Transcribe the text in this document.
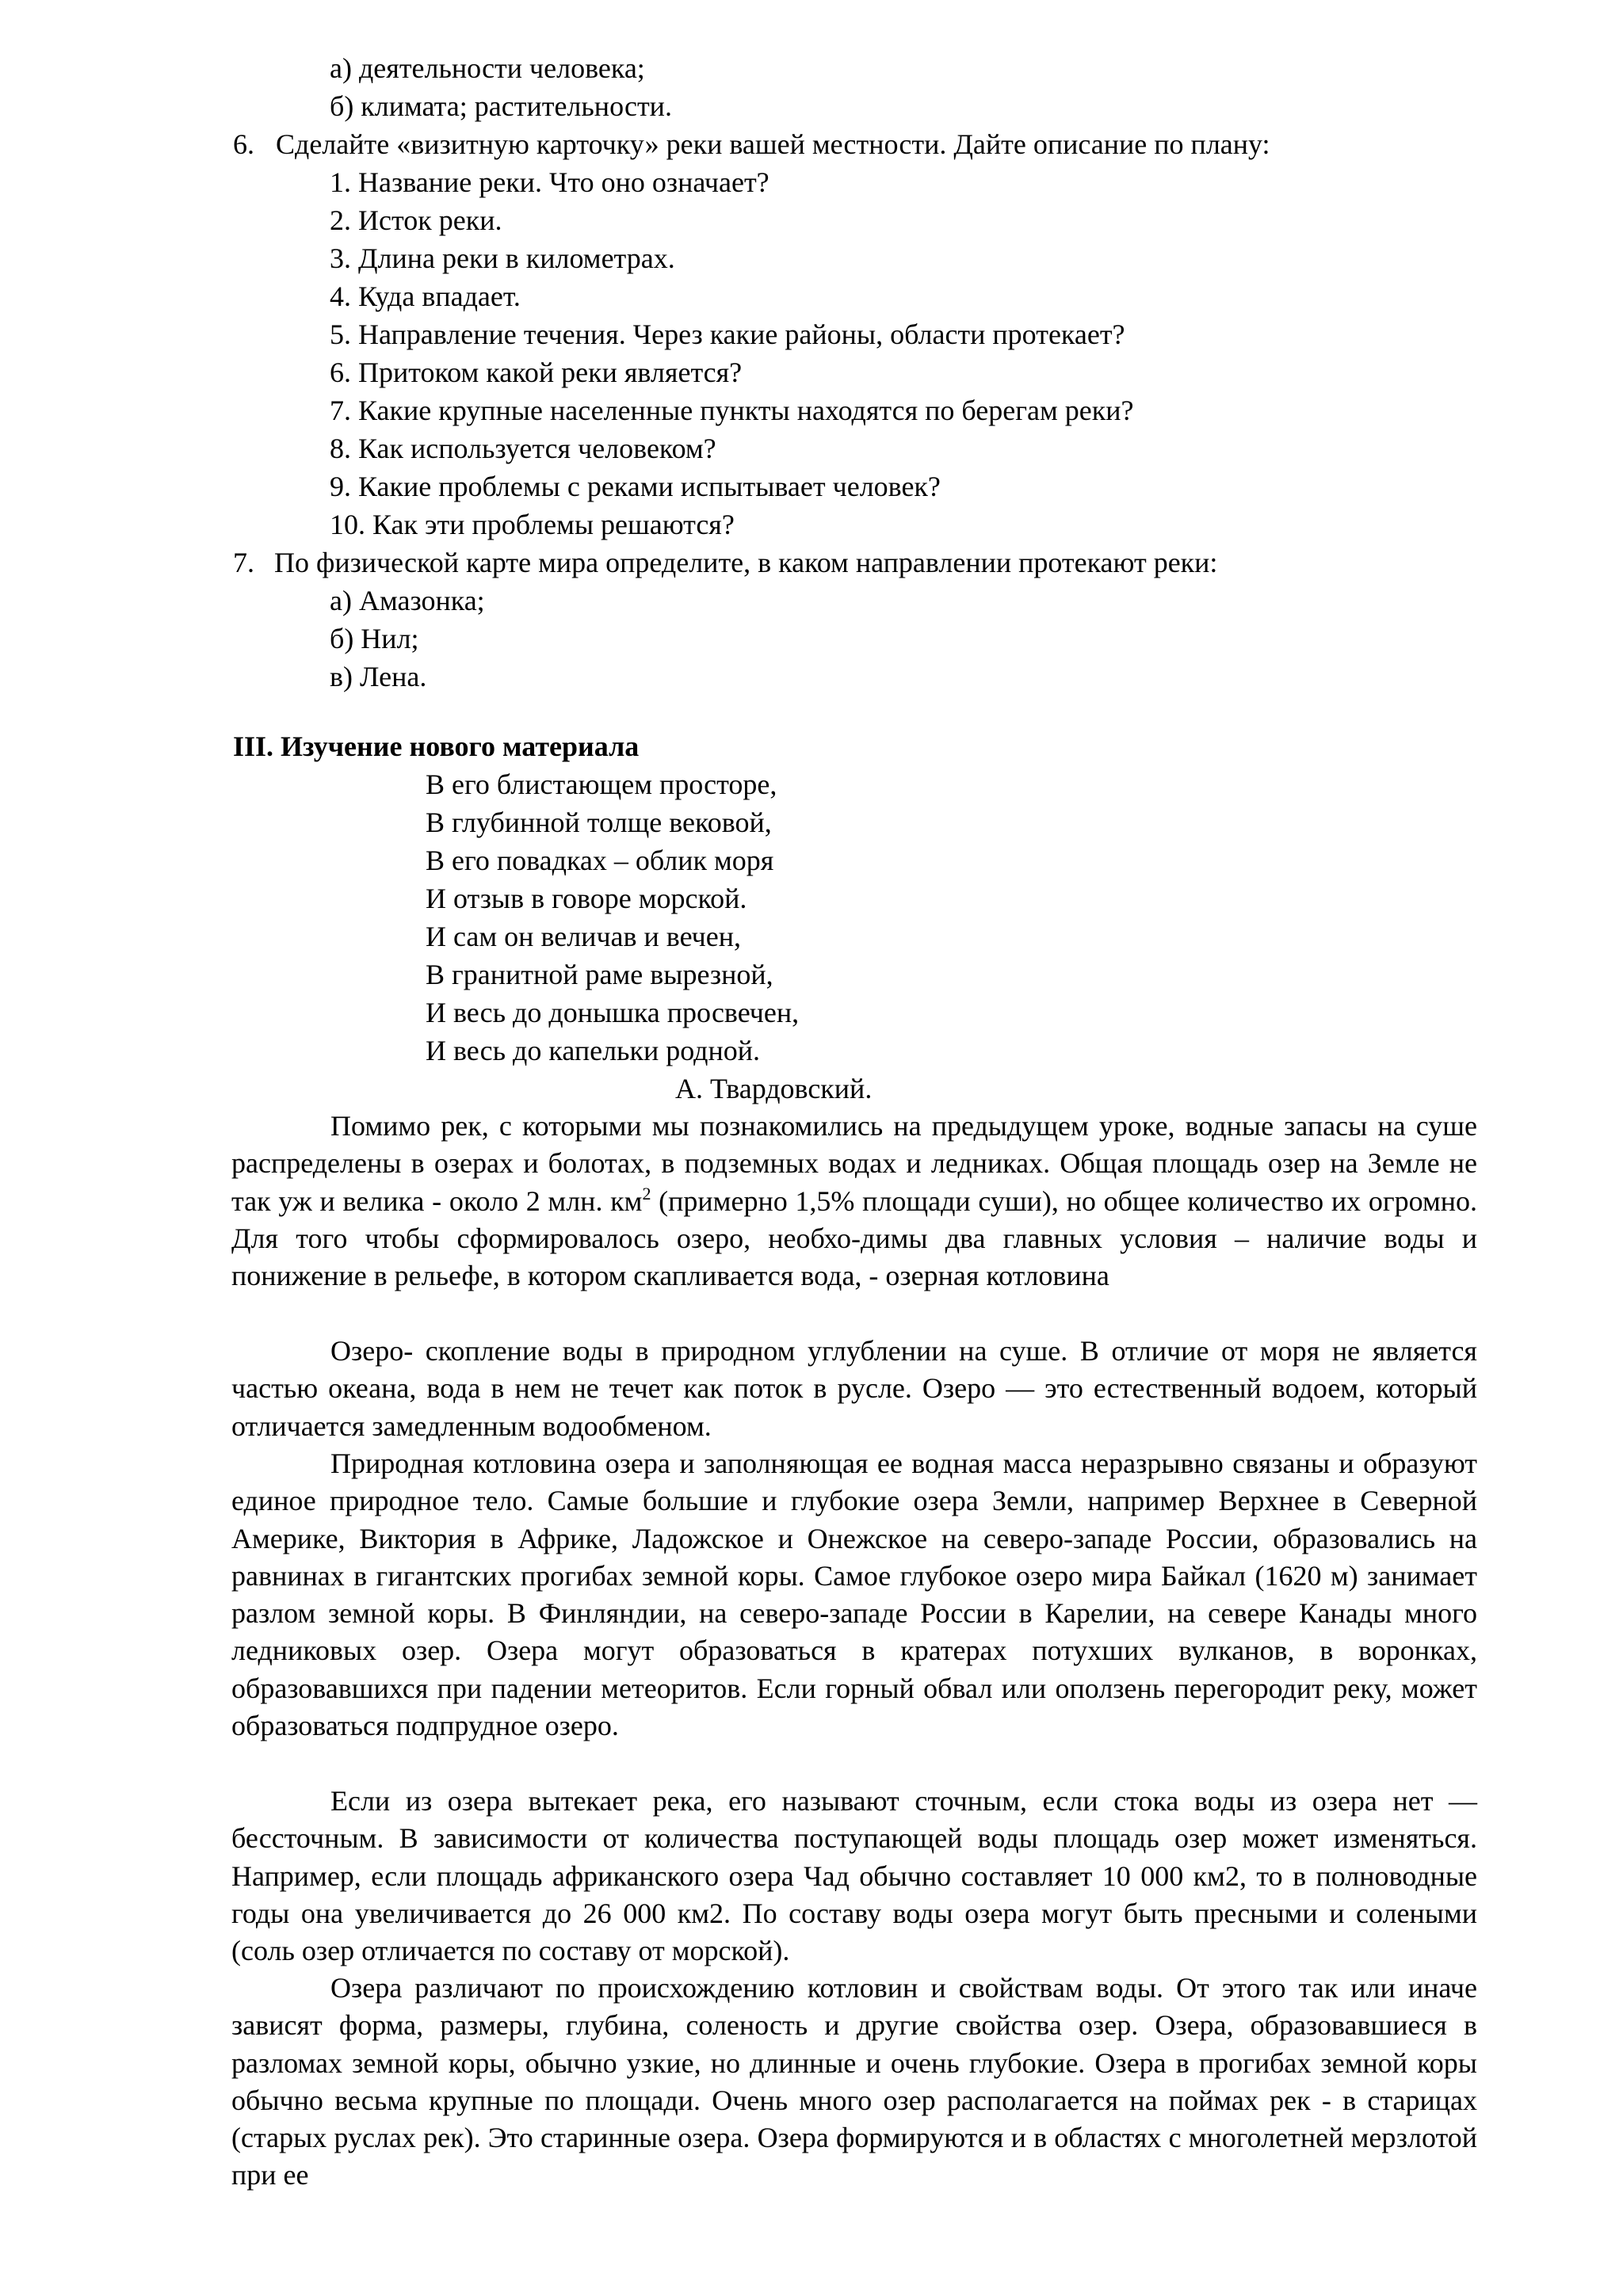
а) деятельности человека;
б) климата; растительности.
6. Сделайте «визитную карточку» реки вашей местности. Дайте описание по плану:
1. Название реки. Что оно означает?
2. Исток реки.
3. Длина реки в километрах.
4. Куда впадает.
5. Направление течения. Через какие районы, области протекает?
6. Притоком какой реки является?
7. Какие крупные населенные пункты находятся по берегам реки?
8. Как используется человеком?
9. Какие проблемы с реками испытывает человек?
10. Как эти проблемы решаются?
7. По физической карте мира определите, в каком направлении протекают реки:
а) Амазонка;
б) Нил;
в) Лена.
III. Изучение нового материала
В его блистающем просторе,
В глубинной толще вековой,
В его повадках – облик моря
И отзыв в говоре морской.
И сам он величав и вечен,
В гранитной раме вырезной,
И весь до донышка просвечен,
И весь до капельки родной.
А. Твардовский.

Помимо рек, с которыми мы познакомились на предыдущем уроке, водные запасы на суше распределены в озерах и болотах, в подземных водах и ледниках. Общая площадь озер на Земле не так уж и велика - около 2 млн. $км^2$ (примерно 1,5% площади суши), но общее количество их огромно. Для того чтобы сформировалось озеро, необхо-димы два главных условия – наличие воды и понижение в рельефе, в котором скапливается вода, - озерная котловина

Озеро- скопление воды в природном углублении на суше. В отличие от моря не является частью океана, вода в нем не течет как поток в русле. Озеро — это естественный водоем, который отличается замедленным водообменом.

Природная котловина озера и заполняющая ее водная масса неразрывно связаны и образуют единое природное тело. Самые большие и глубокие озера Земли, например Верхнее в Северной Америке, Виктория в Африке, Ладожское и Онежское на северо-западе России, образовались на равнинах в гигантских прогибах земной коры. Самое глубокое озеро мира Байкал (1620 м) занимает разлом земной коры. В Финляндии, на северо-западе России в Карелии, на севере Канады много ледниковых озер. Озера могут образоваться в кратерах потухших вулканов, в воронках, образовавшихся при падении метеоритов. Если горный обвал или оползень перегородит реку, может образоваться подпрудное озеро.

Если из озера вытекает река, его называют сточным, если стока воды из озера нет — бессточным. В зависимости от количества поступающей воды площадь озер может изменяться. Например, если площадь африканского озера Чад обычно составляет 10 000 км2, то в полноводные годы она увеличивается до 26 000 км2. По составу воды озера могут быть пресными и солеными (соль озер отличается по составу от морской).

Озера различают по происхождению котловин и свойствам воды. От этого так или иначе зависят форма, размеры, глубина, соленость и другие свойства озер. Озера, образовавшиеся в разломах земной коры, обычно узкие, но длинные и очень глубокие. Озера в прогибах земной коры обычно весьма крупные по площади. Очень много озер располагается на поймах рек - в старицах (старых руслах рек). Это старинные озера. Озера формируются и в областях с многолетней мерзлотой при ее
